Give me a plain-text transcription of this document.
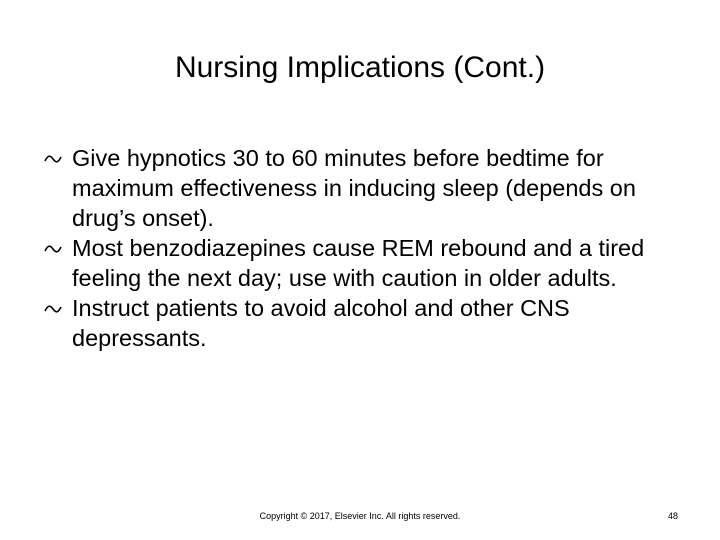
Nursing Implications (Cont.)
Give hypnotics 30 to 60 minutes before bedtime for maximum effectiveness in inducing sleep (depends on drug’s onset).
Most benzodiazepines cause REM rebound and a tired feeling the next day; use with caution in older adults.
Instruct patients to avoid alcohol and other CNS depressants.
Copyright © 2017, Elsevier Inc. All rights reserved.	48
